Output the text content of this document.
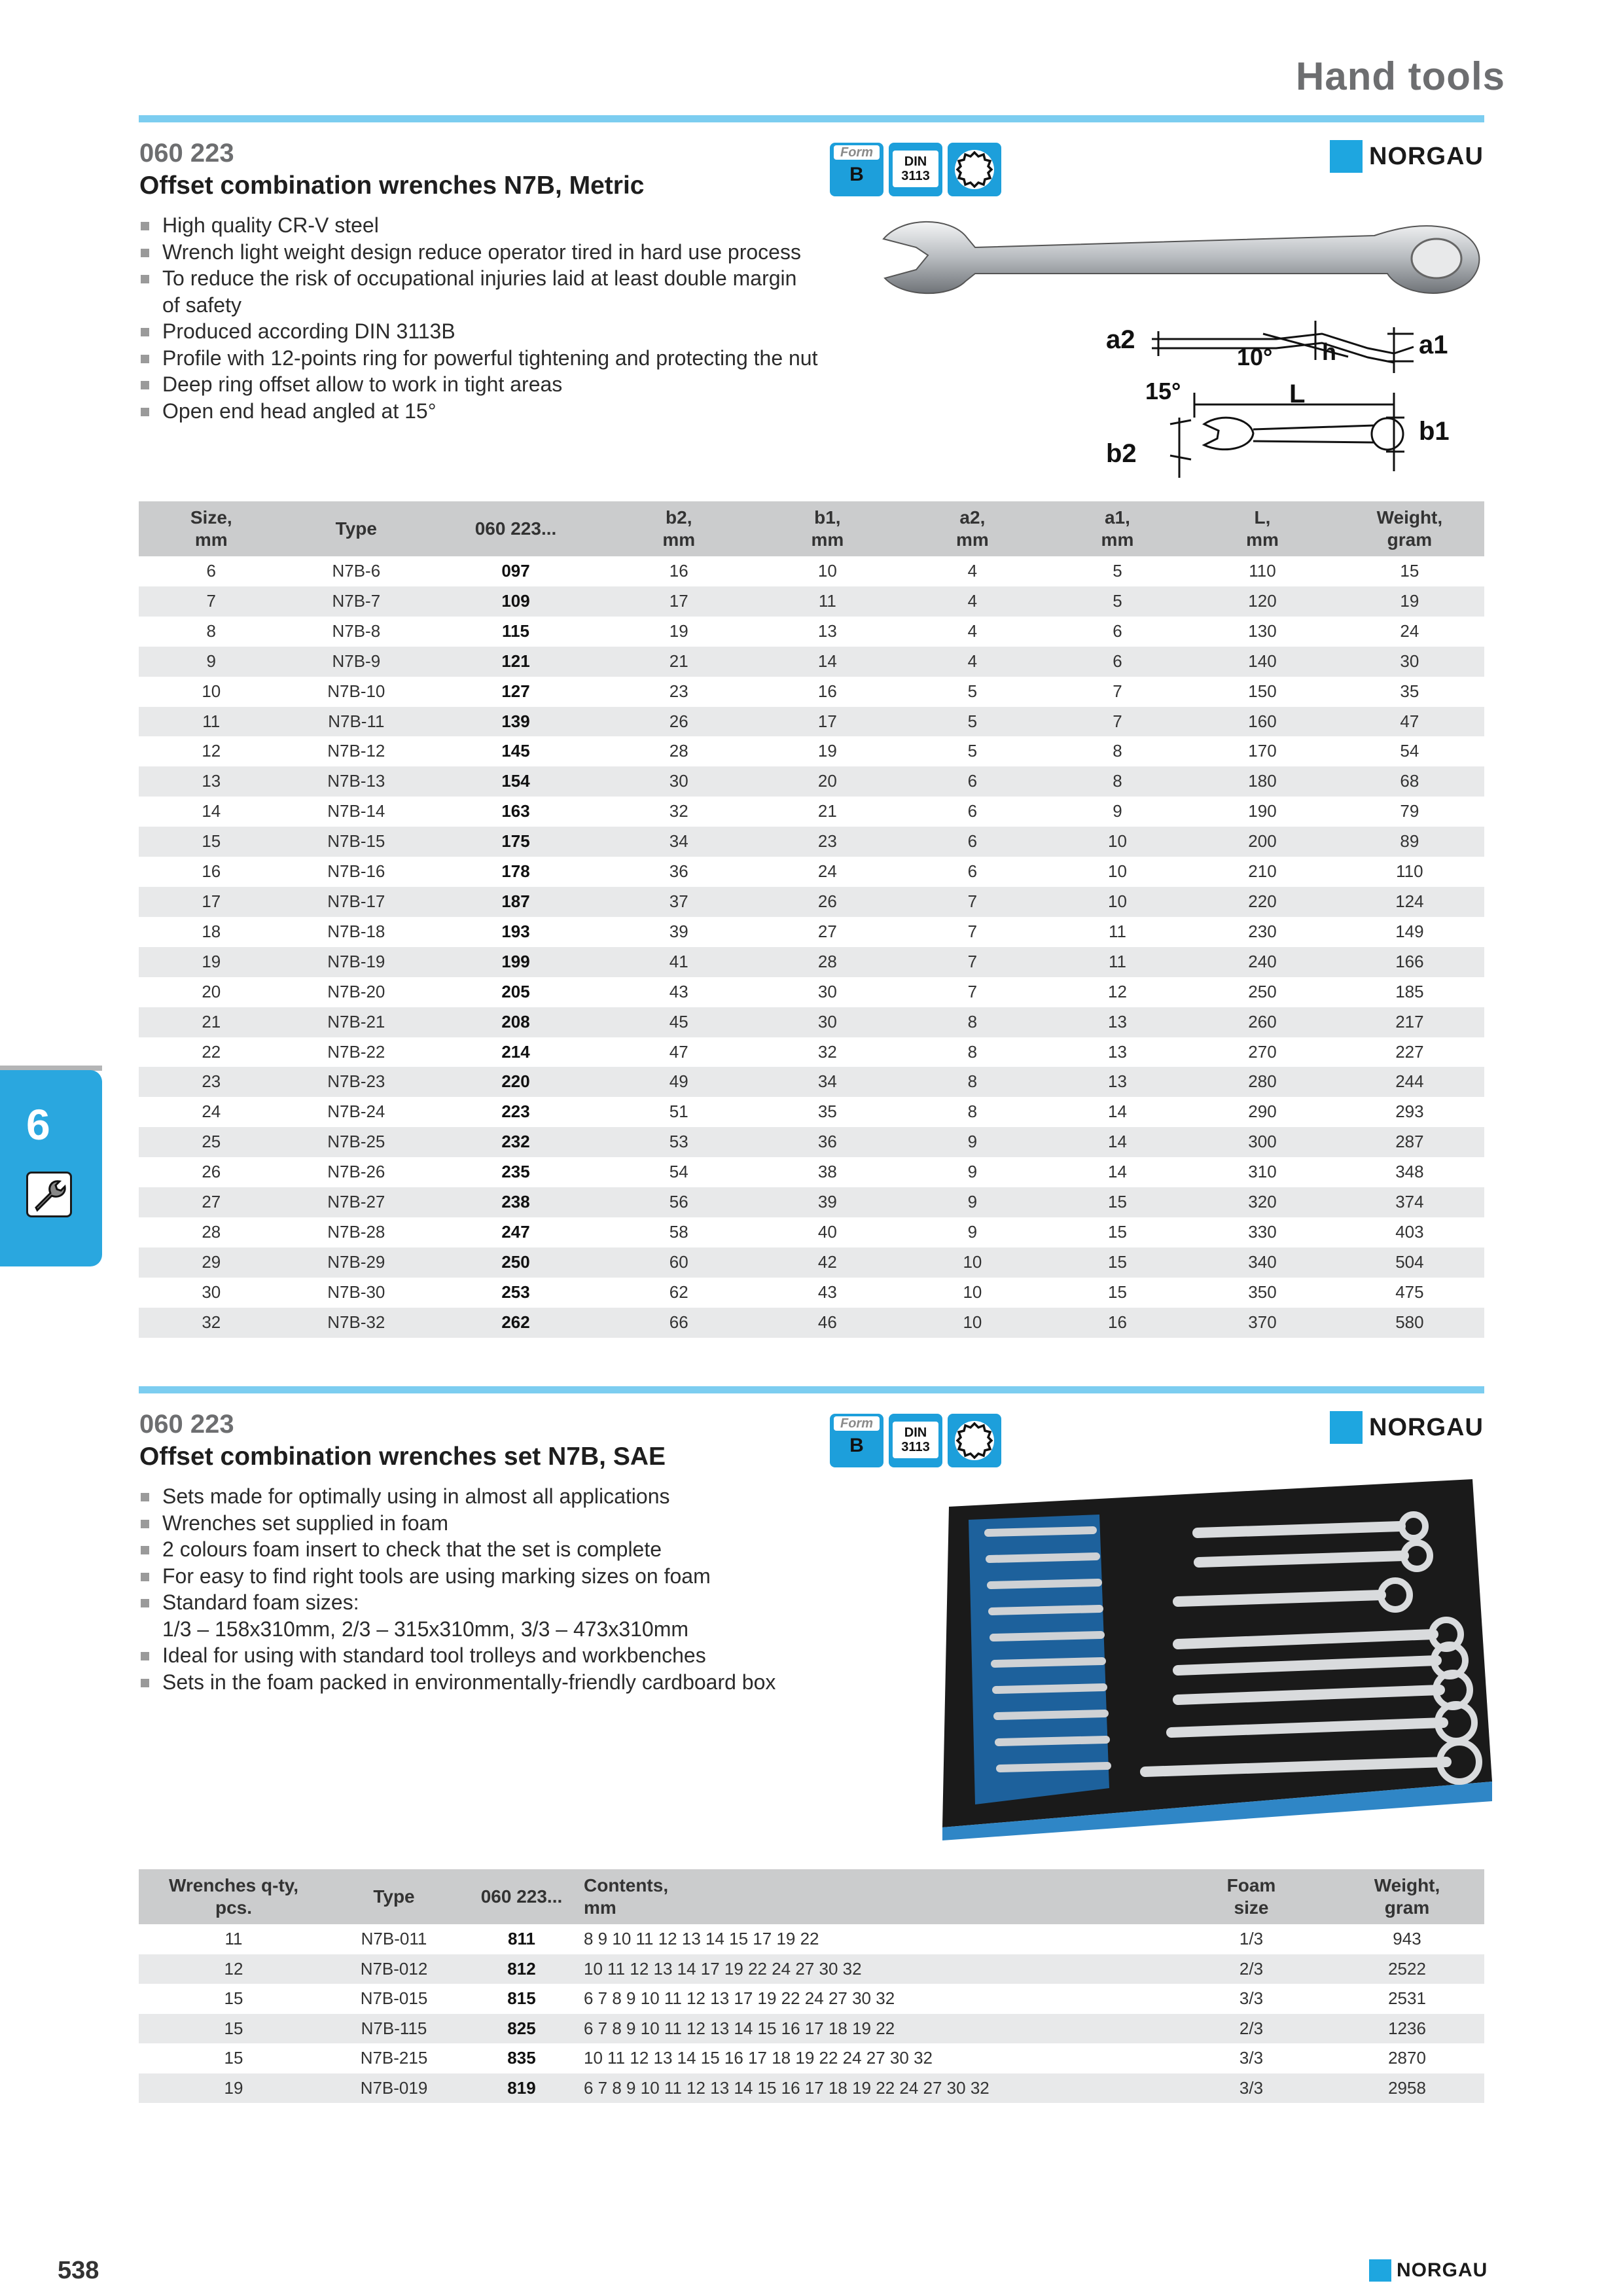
Hand tools
060 223
Offset combination wrenches N7B, Metric
Form
B
DIN
3113
NORGAU
High quality CR-V steel
Wrench light weight design reduce operator tired in hard use process
To reduce the risk of occupational injuries laid at least double margin
of safety
Produced according DIN 3113B
Profile with 12-points ring for powerful tightening and protecting the nut
Deep ring offset allow to work in tight areas
Open end head angled at 15°
a2	a1
b2
b1
L
h
10°
15°
Size,
mm	Type	060 223...	b2,
mm	b1,
mm	a2,
mm	a1,
mm	L,
mm	Weight,
gram
6	N7B-6	097	16	10	4	5	110	15
7	N7B-7	109	17	11	4	5	120	19
8	N7B-8	115	19	13	4	6	130	24
9	N7B-9	121	21	14	4	6	140	30
10	N7B-10	127	23	16	5	7	150	35
11	N7B-11	139	26	17	5	7	160	47
12	N7B-12	145	28	19	5	8	170	54
13	N7B-13	154	30	20	6	8	180	68
14	N7B-14	163	32	21	6	9	190	79
15	N7B-15	175	34	23	6	10	200	89
16	N7B-16	178	36	24	6	10	210	110
17	N7B-17	187	37	26	7	10	220	124
18	N7B-18	193	39	27	7	11	230	149
19	N7B-19	199	41	28	7	11	240	166
20	N7B-20	205	43	30	7	12	250	185
21	N7B-21	208	45	30	8	13	260	217
22	N7B-22	214	47	32	8	13	270	227
23	N7B-23	220	49	34	8	13	280	244
24	N7B-24	223	51	35	8	14	290	293
25	N7B-25	232	53	36	9	14	300	287
26	N7B-26	235	54	38	9	14	310	348
27	N7B-27	238	56	39	9	15	320	374
28	N7B-28	247	58	40	9	15	330	403
29	N7B-29	250	60	42	10	15	340	504
30	N7B-30	253	62	43	10	15	350	475
32	N7B-32	262	66	46	10	16	370	580
6
060 223
Offset combination wrenches set N7B, SAE
Form
B
DIN
3113
NORGAU
Sets made for optimally using in almost all applications
Wrenches set supplied in foam
2 colours foam insert to check that the set is complete
For easy to find right tools are using marking sizes on foam
Standard foam sizes:
1/3 – 158x310mm, 2/3 – 315x310mm, 3/3 – 473x310mm
Ideal for using with standard tool trolleys and workbenches
Sets in the foam packed in environmentally-friendly cardboard box
Wrenches q-ty,
pcs.	Type	060 223...	Contents,
mm	Foam
size	Weight,
gram
11	N7B-011	811	8 9 10 11 12 13 14 15 17 19 22	1/3	943
12	N7B-012	812	10 11 12 13 14 17 19 22 24 27 30 32	2/3	2522
15	N7B-015	815	6 7 8 9 10 11 12 13 17 19 22 24 27 30 32	3/3	2531
15	N7B-115	825	6 7 8 9 10 11 12 13 14 15 16 17 18 19 22	2/3	1236
15	N7B-215	835	10 11 12 13 14 15 16 17 18 19 22 24 27 30 32	3/3	2870
19	N7B-019	819	6 7 8 9 10 11 12 13 14 15 16 17 18 19 22 24 27 30 32	3/3	2958
538	NORGAU
